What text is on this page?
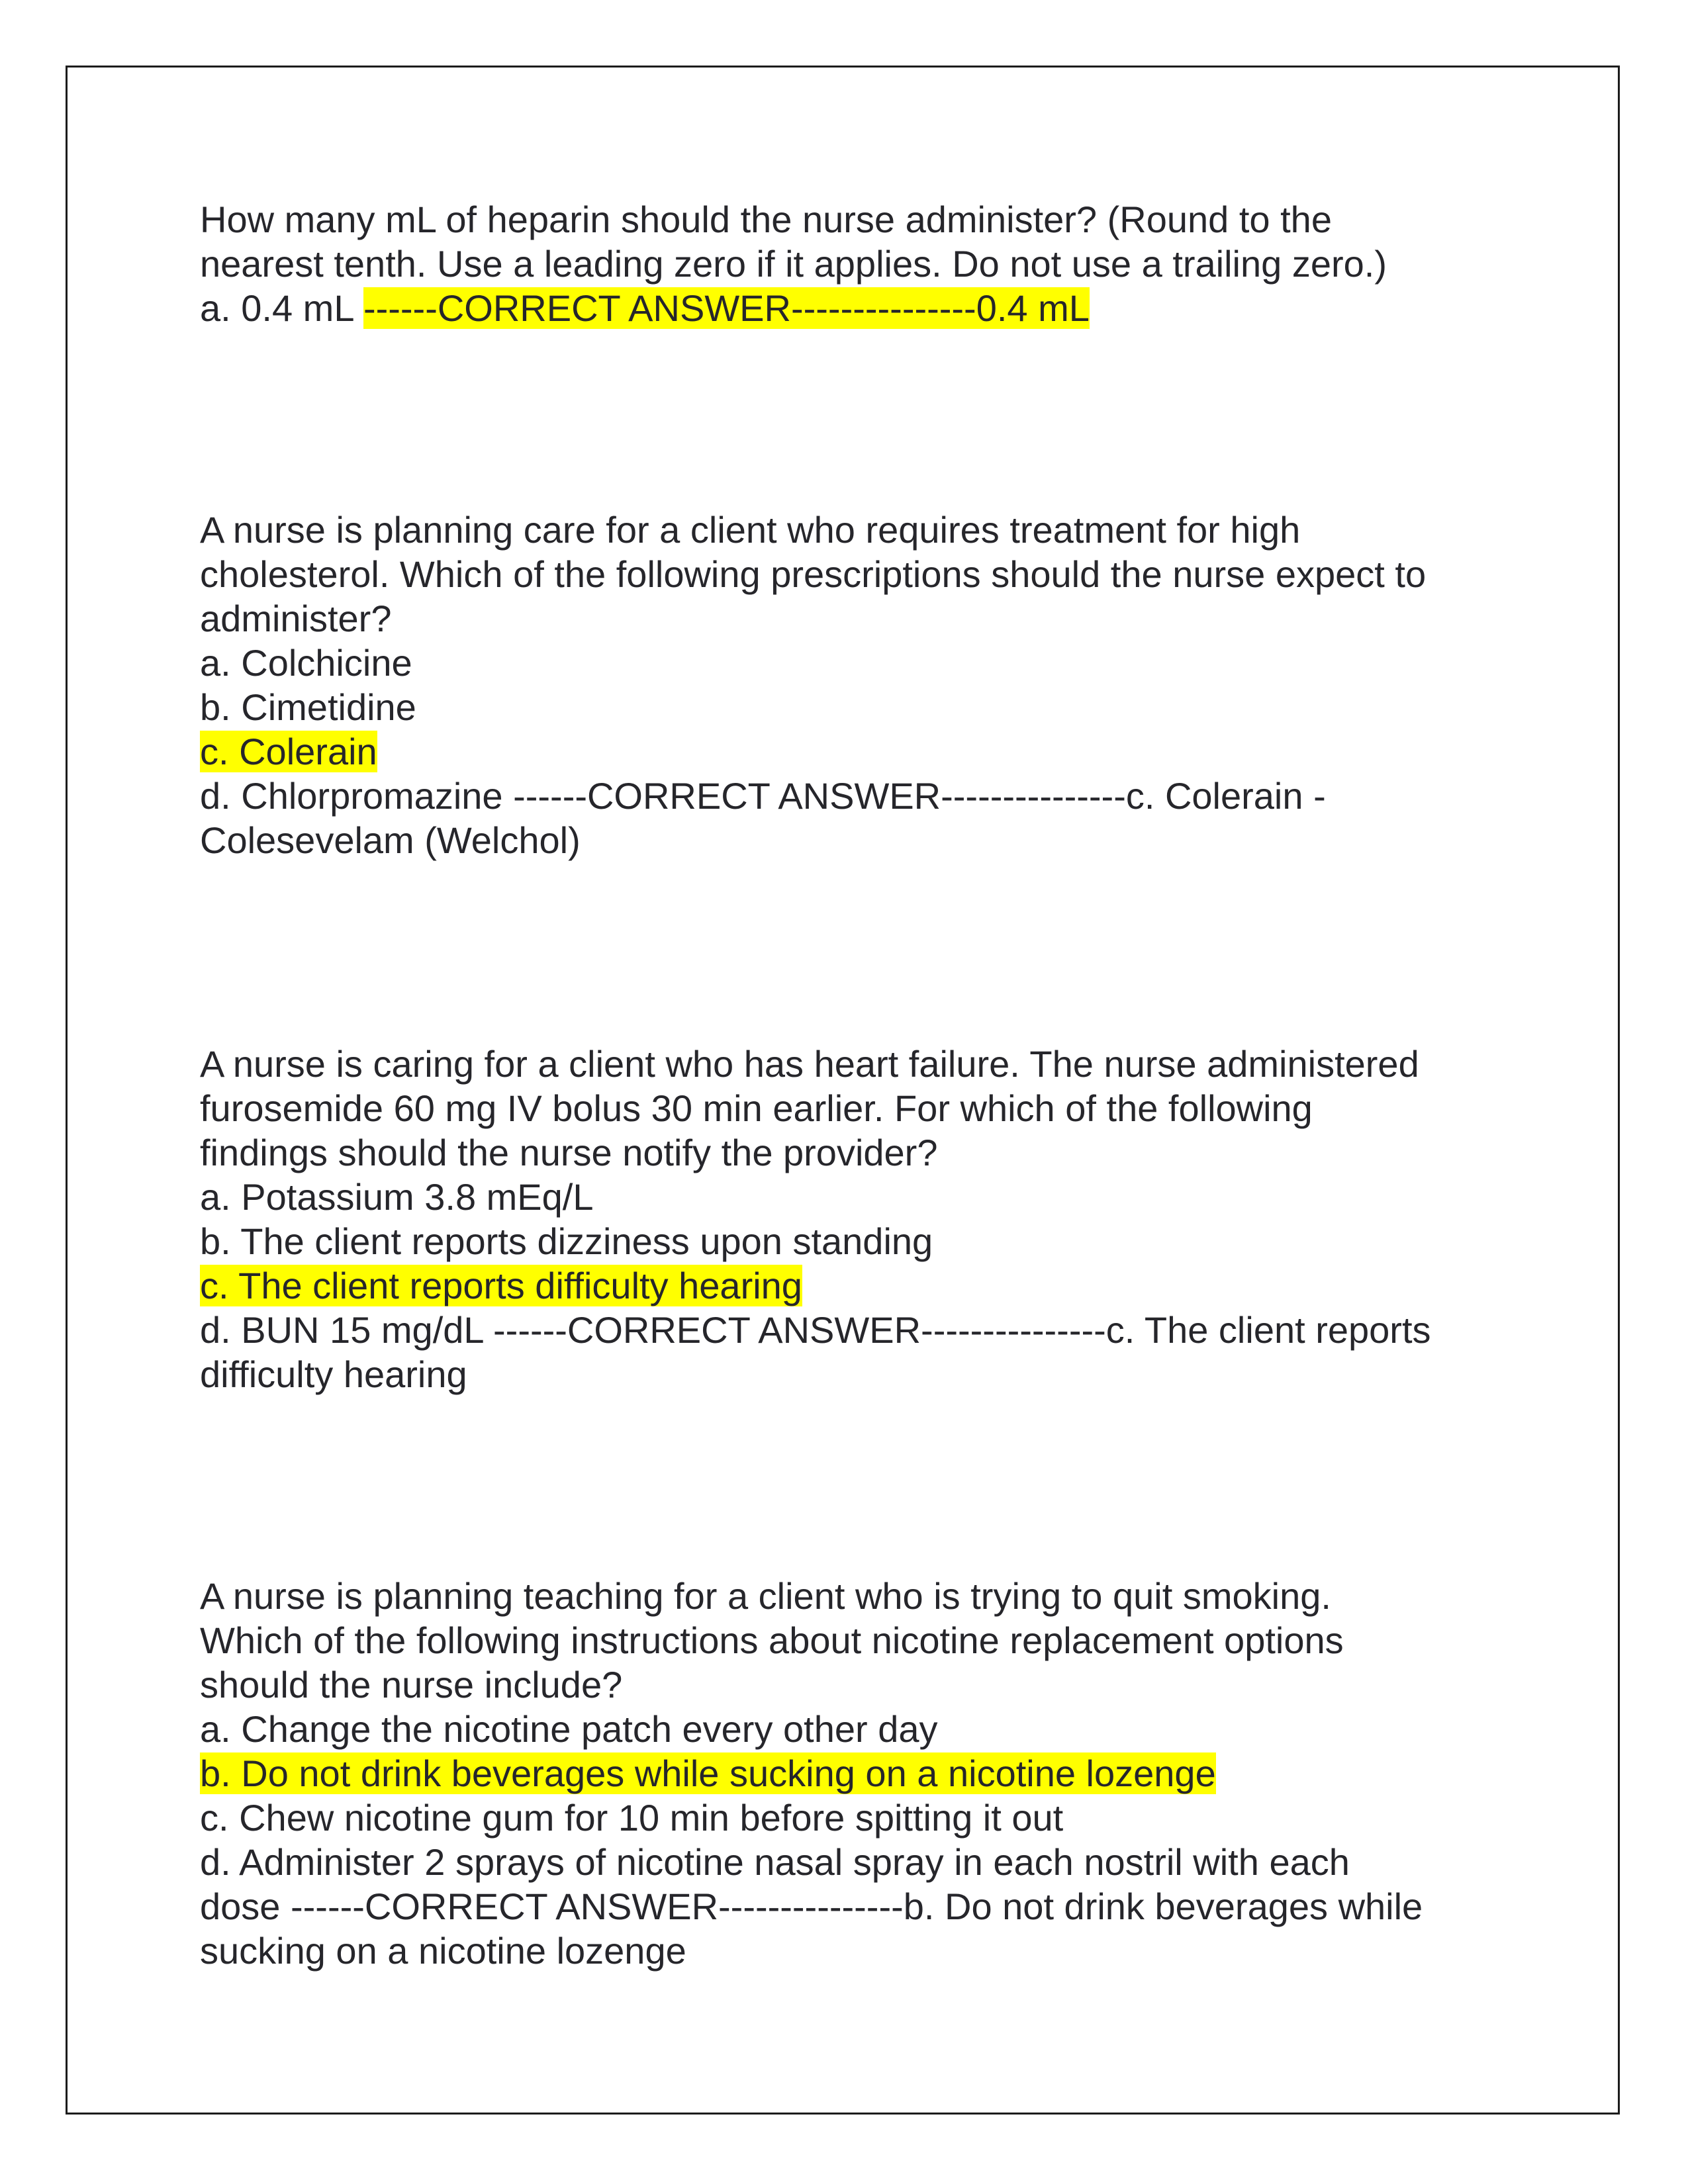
How many mL of heparin should the nurse administer? (Round to the
nearest tenth. Use a leading zero if it applies. Do not use a trailing zero.)
a. 0.4 mL ------CORRECT ANSWER---------------0.4 mL
A nurse is planning care for a client who requires treatment for high
cholesterol. Which of the following prescriptions should the nurse expect to
administer?
a. Colchicine
b. Cimetidine
c. Colerain
d. Chlorpromazine ------CORRECT ANSWER---------------c. Colerain -
Colesevelam (Welchol)
A nurse is caring for a client who has heart failure. The nurse administered
furosemide 60 mg IV bolus 30 min earlier. For which of the following
findings should the nurse notify the provider?
a. Potassium 3.8 mEq/L
b. The client reports dizziness upon standing
c. The client reports difficulty hearing
d. BUN 15 mg/dL ------CORRECT ANSWER---------------c. The client reports
difficulty hearing
A nurse is planning teaching for a client who is trying to quit smoking.
Which of the following instructions about nicotine replacement options
should the nurse include?
a. Change the nicotine patch every other day
b. Do not drink beverages while sucking on a nicotine lozenge
c. Chew nicotine gum for 10 min before spitting it out
d. Administer 2 sprays of nicotine nasal spray in each nostril with each
dose ------CORRECT ANSWER---------------b. Do not drink beverages while
sucking on a nicotine lozenge
